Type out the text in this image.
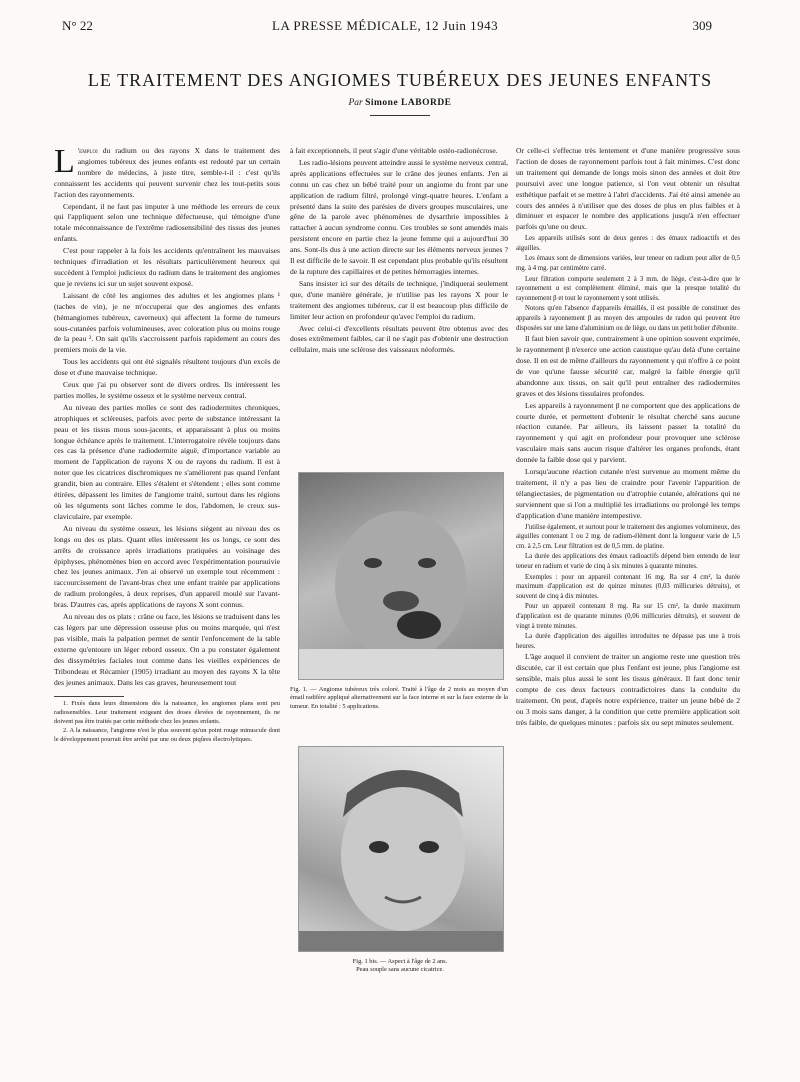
N° 22	LA PRESSE MÉDICALE, 12 Juin 1943	309
LE TRAITEMENT DES ANGIOMES TUBÉREUX DES JEUNES ENFANTS
Par Simone LABORDE

L 'emploi du radium ou des rayons X dans le traitement des angiomes tubéreux des jeunes enfants est redouté par un certain nombre de médecins, à juste titre, semble-t-il : c'est qu'ils connaissent les accidents qui peuvent survenir chez les tout-petits sous l'action des rayonnements.

Cependant, il ne faut pas imputer à une méthode les erreurs de ceux qui l'appliquent selon une technique défectueuse, qui témoigne d'une totale méconnaissance de l'extrême radiosensibilité des tissus des jeunes enfants.

C'est pour rappeler à la fois les accidents qu'entraînent les mauvaises techniques d'irradiation et les résultats particulièrement heureux qui succèdent à l'emploi judicieux du radium dans le traitement des angiomes que je reviens ici sur un sujet souvent exposé.

Laissant de côté les angiomes des adultes et les angiomes plans ¹ (taches de vin), je ne m'occuperai que des angiomes des enfants (hémangiomes tubéreux, caverneux) qui affectent la forme de tumeurs sous-cutanées parfois volumineuses, avec coloration plus ou moins rouge de la peau ². On sait qu'ils s'accroissent parfois rapidement au cours des premiers mois de la vie.

Tous les accidents qui ont été signalés résultent toujours d'un excès de dose et d'une mauvaise technique.

Ceux que j'ai pu observer sont de divers ordres. Ils intéressent les parties molles, le système osseux et le système nerveux central.

Au niveau des parties molles ce sont des radiodermites chroniques, atrophiques et scléreuses, parfois avec perte de substance intéressant la peau et les tissus mous sous-jacents, et apparaissant à plus ou moins longue échéance après le traitement. L'interrogatoire révèle toujours dans ces cas la présence d'une radiodermite aiguë, d'importance variable au moment de l'application de rayons X ou de rayons du radium. Il est à noter que les cicatrices dischromiques ne s'améliorent pas quand l'enfant grandit, bien au contraire. Elles s'étalent et s'étendent ; elles sont comme étirées, dépassent les limites de l'angiome traité, surtout dans les régions où les téguments sont lâches comme le dos, l'abdomen, le creux sus-claviculaire, par exemple.

Au niveau du système osseux, les lésions siègent au niveau des os longs ou des os plats. Quant elles intéressent les os longs, ce sont des arrêts de croissance après irradiations pratiquées au voisinage des épiphyses, phénomènes bien en accord avec l'expérimentation poursuivie chez les jeunes animaux. J'en ai observé un exemple tout récemment : raccourcissement de l'avant-bras chez une enfant traitée par applications de radium prolongées, à deux reprises, d'un appareil moulé sur l'avant-bras. D'autres cas, après applications de rayons X sont connus.

Au niveau des os plats : crâne ou face, les lésions se traduisent dans les cas légers par une dépression osseuse plus ou moins marquée, qui n'est pas visible, mais la palpation permet de sentir l'enfoncement de la table externe qu'entoure un léger rebord osseux. On a pu constater également des dissymétries faciales tout comme dans les vieilles expériences de Tribondeau et Récamier (1905) irradiant au moyen des rayons X la tête des jeunes animaux. Dans les cas graves, heureusement tout

1. Fixés dans leurs dimensions dès la naissance, les angiomes plans sont peu radiosensibles. Leur traitement exigeant des doses élevées de rayonnement, ils ne doivent pas être traités par cette méthode chez les jeunes enfants.

2. A la naissance, l'angiome n'est le plus souvent qu'un point rouge minuscule dont le développement pourrait être arrêté par une ou deux piqûres électrolytiques.

à fait exceptionnels, il peut s'agir d'une véritable ostéo-radionécrose.

Les radio-lésions peuvent atteindre aussi le système nerveux central, après applications effectuées sur le crâne des jeunes enfants. J'en ai connu un cas chez un bébé traité pour un angiome du front par une application de radium filtré, prolongé vingt-quatre heures. L'enfant a présenté dans la suite des parésies de divers groupes musculaires, une gêne de la parole avec phénomènes de dysarthrie impossibles à rattacher à aucun syndrome connu. Ces troubles se sont amendés mais persistent encore en partie chez la jeune femme qui a aujourd'hui 30 ans. Sont-ils dus à une action directe sur les éléments nerveux jeunes ? Il est difficile de le savoir. Il est cependant plus probable qu'ils résultent de la rupture des capillaires et de petites hémorragies internes.

Sans insister ici sur des détails de technique, j'indiquerai seulement que, d'une manière générale, je n'utilise pas les rayons X pour le traitement des angiomes tubéreux, car il est beaucoup plus difficile de limiter leur action en profondeur qu'avec l'emploi du radium.

Avec celui-ci d'excellents résultats peuvent être obtenus avec des doses extrêmement faibles, car il ne s'agit pas d'obtenir une destruction cellulaire, mais une sclérose des vaisseaux néoformés.

Fig. 1. — Angiome tubéreux très coloré. Traité à l'âge de 2 mois au moyen d'un émail radifère appliqué alternativement sur la face interne et sur la face externe de la tumeur. En totalité : 5 applications.
Fig. 1 bis. — Aspect à l'âge de 2 ans.
Peau souple sans aucune cicatrice.

Or celle-ci s'effectue très lentement et d'une manière progressive sous l'action de doses de rayonnement parfois tout à fait minimes. C'est donc un traitement qui demande de longs mois sinon des années et doit être poursuivi avec une longue patience, si l'on veut obtenir un résultat esthétique parfait et se mettre à l'abri d'accidents. J'ai été ainsi amenée au cours des années à n'utiliser que des doses de plus en plus faibles et à diminuer et espacer le nombre des applications jusqu'à n'en effectuer parfois qu'une ou deux.

Les appareils utilisés sont de deux genres : des émaux radioactifs et des aiguilles.

Les émaux sont de dimensions variées, leur teneur en radium peut aller de 0,5 mg. à 4 mg. par centimètre carré.

Leur filtration comporte seulement 2 à 3 mm. de liège, c'est-à-dire que le rayonnement α est complètement éliminé, mais que la presque totalité du rayonnement β et tout le rayonnement γ sont utilisés.

Notons qu'en l'absence d'appareils émaillés, il est possible de constituer des appareils à rayonnement β au moyen des ampoules de radon qui peuvent être disposées sur une lame d'aluminium ou de liège, ou dans un petit bolier d'ébonite.

Il faut bien savoir que, contrairement à une opinion souvent exprimée, le rayonnement β n'exerce une action caustique qu'au delà d'une certaine dose. Il en est de même d'ailleurs du rayonnement γ qui n'offre à ce point de vue qu'une fausse sécurité car, malgré la faible énergie qu'il abandonne aux tissus, on sait qu'il peut entraîner des radiodermites graves et des lésions tissulaires profondes.

Les appareils à rayonnement β ne comportent que des applications de courte durée, et permettent d'obtenir le résultat cherché sans aucune réaction cutanée. Par ailleurs, ils laissent passer la totalité du rayonnement γ qui agit en profondeur pour provoquer une sclérose vasculaire mais sans aucun risque d'altérer les organes profonds, étant donnée la faible dose qui y parvient.

Lorsqu'aucune réaction cutanée n'est survenue au moment même du traitement, il n'y a pas lieu de craindre pour l'avenir l'apparition de télangiectasies, de pigmentation ou d'atrophie cutanée, altérations qui ne surviennent que si l'on a multiplié les irradiations ou prolongé les temps d'application d'une manière intempestive.

J'utilise également, et surtout pour le traitement des angiomes volumineux, des aiguilles contenant 1 ou 2 mg. de radium-élément dont la longueur varie de 1,5 cm. à 2,5 cm. Leur filtration est de 0,5 mm. de platine.

La durée des applications des émaux radioactifs dépend bien entendu de leur teneur en radium et varie de cinq à six minutes à quarante minutes.

Exemples : pour un appareil contenant 16 mg. Ra sur 4 cm², la durée maximum d'application est de quinze minutes (0,03 millicuries détruits), et souvent de cinq à dix minutes.

Pour un appareil contenant 8 mg. Ra sur 15 cm², la durée maximum d'application est de quarante minutes (0,06 millicuries détruits), et souvent de vingt à trente minutes.

La durée d'application des aiguilles introduites ne dépasse pas une à trois heures.

L'âge auquel il convient de traiter un angiome reste une question très discutée, car il est certain que plus l'enfant est jeune, plus l'angiome est sensible, mais plus aussi le sont les tissus généraux. Il faut donc tenir compte de ces deux facteurs contradictoires dans la conduite du traitement. On peut, d'après notre expérience, traiter un jeune bébé de 2 ou 3 mois sans danger, à la condition que cette première application soit très faible, de quelques minutes : parfois six ou sept minutes seulement.
